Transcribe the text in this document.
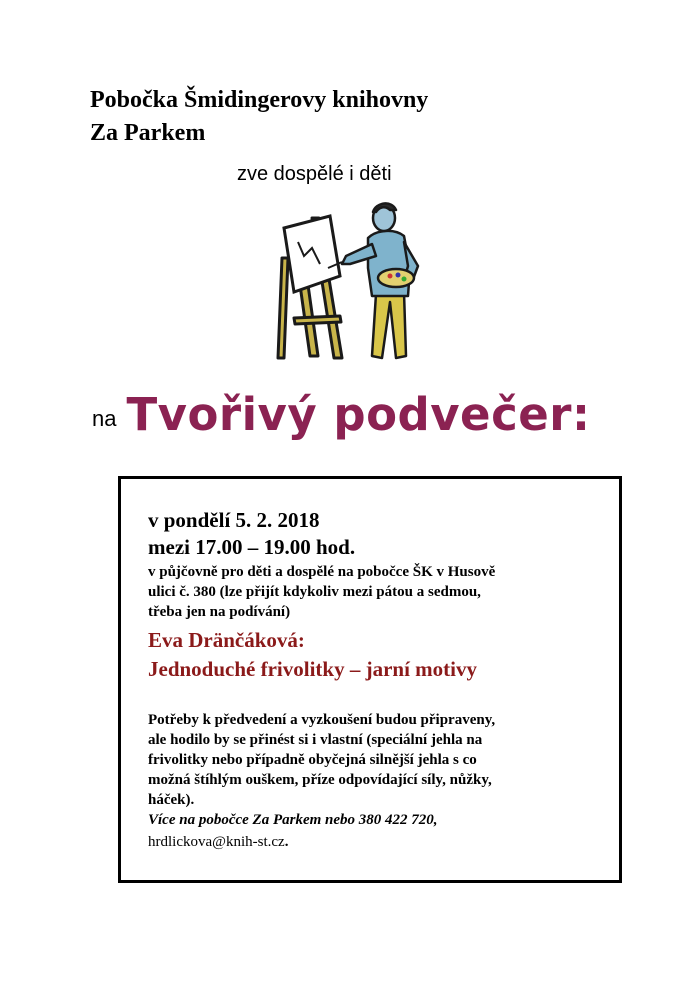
Pobočka Šmidingerovy knihovny
Za Parkem
zve dospělé i děti
na Tvořivý podvečer:
v pondělí 5. 2. 2018
mezi 17.00 – 19.00 hod.
v půjčovně pro děti a dospělé na pobočce ŠK v Husově
ulici č. 380 (lze přijít kdykoliv mezi pátou a sedmou,
třeba jen na podívání)
Eva Dränčáková:
Jednoduché frivolitky – jarní motivy
Potřeby k předvedení a vyzkoušení budou připraveny,
ale hodilo by se přinést si i vlastní (speciální jehla na
frivolitky nebo případně obyčejná silnější jehla s co
možná štíhlým ouškem, příze odpovídající síly, nůžky,
háček).
Více na pobočce Za Parkem nebo 380 422 720,
hrdlickova@knih-st.cz.
